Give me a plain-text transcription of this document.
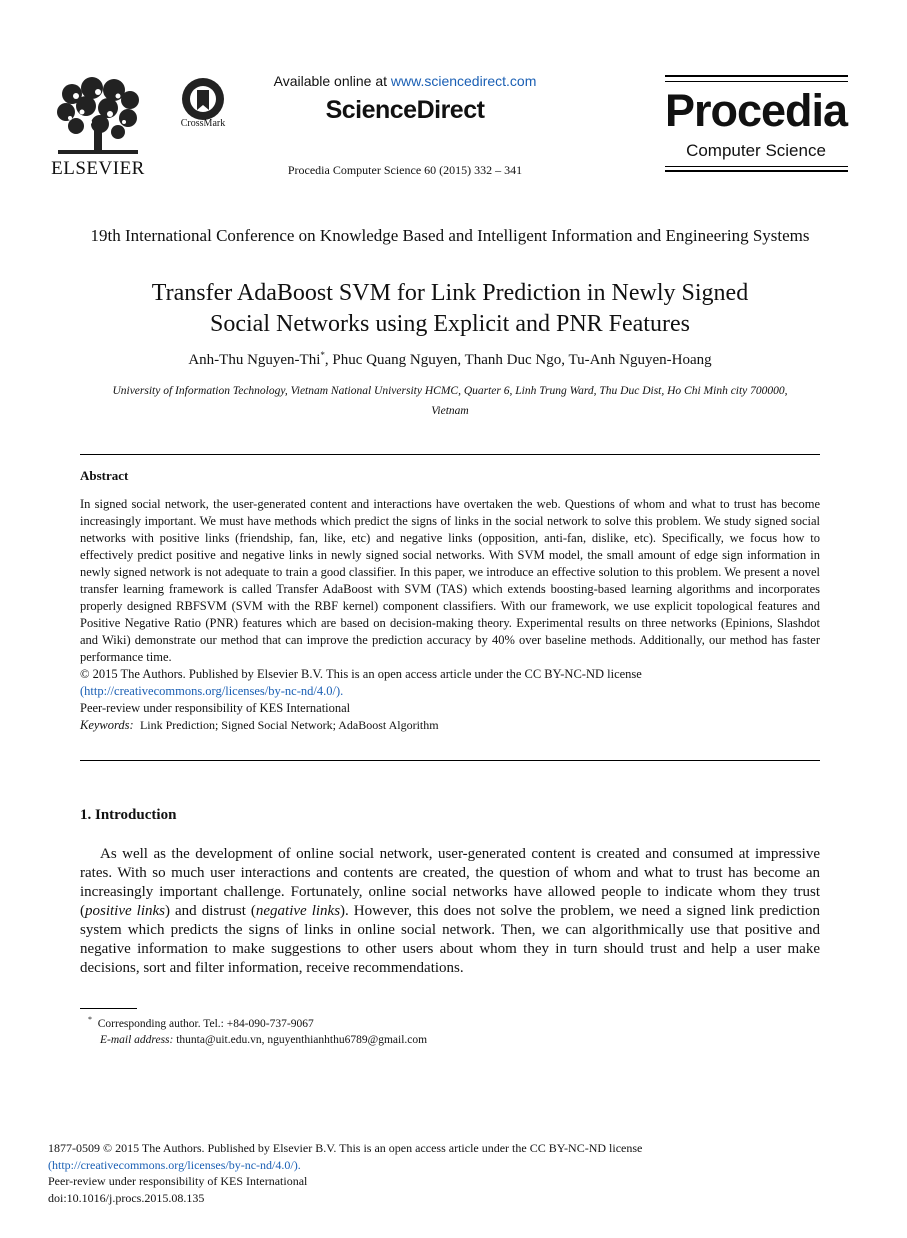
ELSEVIER
CrossMark
Available online at www.sciencedirect.com
ScienceDirect
Procedia Computer Science 60 (2015) 332 – 341
Procedia
Computer Science
19th International Conference on Knowledge Based and Intelligent Information and Engineering Systems
Transfer AdaBoost SVM for Link Prediction in Newly Signed
Social Networks using Explicit and PNR Features
Anh-Thu Nguyen-Thi*, Phuc Quang Nguyen, Thanh Duc Ngo, Tu-Anh Nguyen-Hoang
University of Information Technology, Vietnam National University HCMC, Quarter 6, Linh Trung Ward, Thu Duc Dist, Ho Chi Minh city 700000,
Vietnam
Abstract

In signed social network, the user-generated content and interactions have overtaken the web. Questions of whom and what to trust has become increasingly important. We must have methods which predict the signs of links in the social network to solve this problem. We study signed social networks with positive links (friendship, fan, like, etc) and negative links (opposition, anti-fan, dislike, etc). Specifically, we focus how to effectively predict positive and negative links in newly signed social networks. With SVM model, the small amount of edge sign information in newly signed network is not adequate to train a good classifier. In this paper, we introduce an effective solution to this problem. We present a novel transfer learning framework is called Transfer AdaBoost with SVM (TAS) which extends boosting-based learning algorithms and incorporates properly designed RBFSVM (SVM with the RBF kernel) component classifiers. With our framework, we use explicit topological features and Positive Negative Ratio (PNR) features which are based on decision-making theory. Experimental results on three networks (Epinions, Slashdot and Wiki) demonstrate our method that can improve the prediction accuracy by 40% over baseline methods. Additionally, our method has faster performance time.

© 2015 The Authors. Published by Elsevier B.V. This is an open access article under the CC BY-NC-ND license

(http://creativecommons.org/licenses/by-nc-nd/4.0/).

Peer-review under responsibility of KES International

Keywords: Link Prediction; Signed Social Network; AdaBoost Algorithm

1. Introduction

As well as the development of online social network, user-generated content is created and consumed at impressive rates. With so much user interactions and contents are created, the question of whom and what to trust has become an increasingly important challenge. Fortunately, online social networks have allowed people to indicate whom they trust (positive links) and distrust (negative links). However, this does not solve the problem, we need a signed link prediction system which predicts the signs of links in online social network. Then, we can algorithmically use that positive and negative information to make suggestions to other users about whom they in turn should trust and help a user make decisions, sort and filter information, receive recommendations.

* Corresponding author. Tel.: +84-090-737-9067
E-mail address: thunta@uit.edu.vn, nguyenthianhthu6789@gmail.com
1877-0509 © 2015 The Authors. Published by Elsevier B.V. This is an open access article under the CC BY-NC-ND license
(http://creativecommons.org/licenses/by-nc-nd/4.0/).
Peer-review under responsibility of KES International
doi:10.1016/j.procs.2015.08.135
